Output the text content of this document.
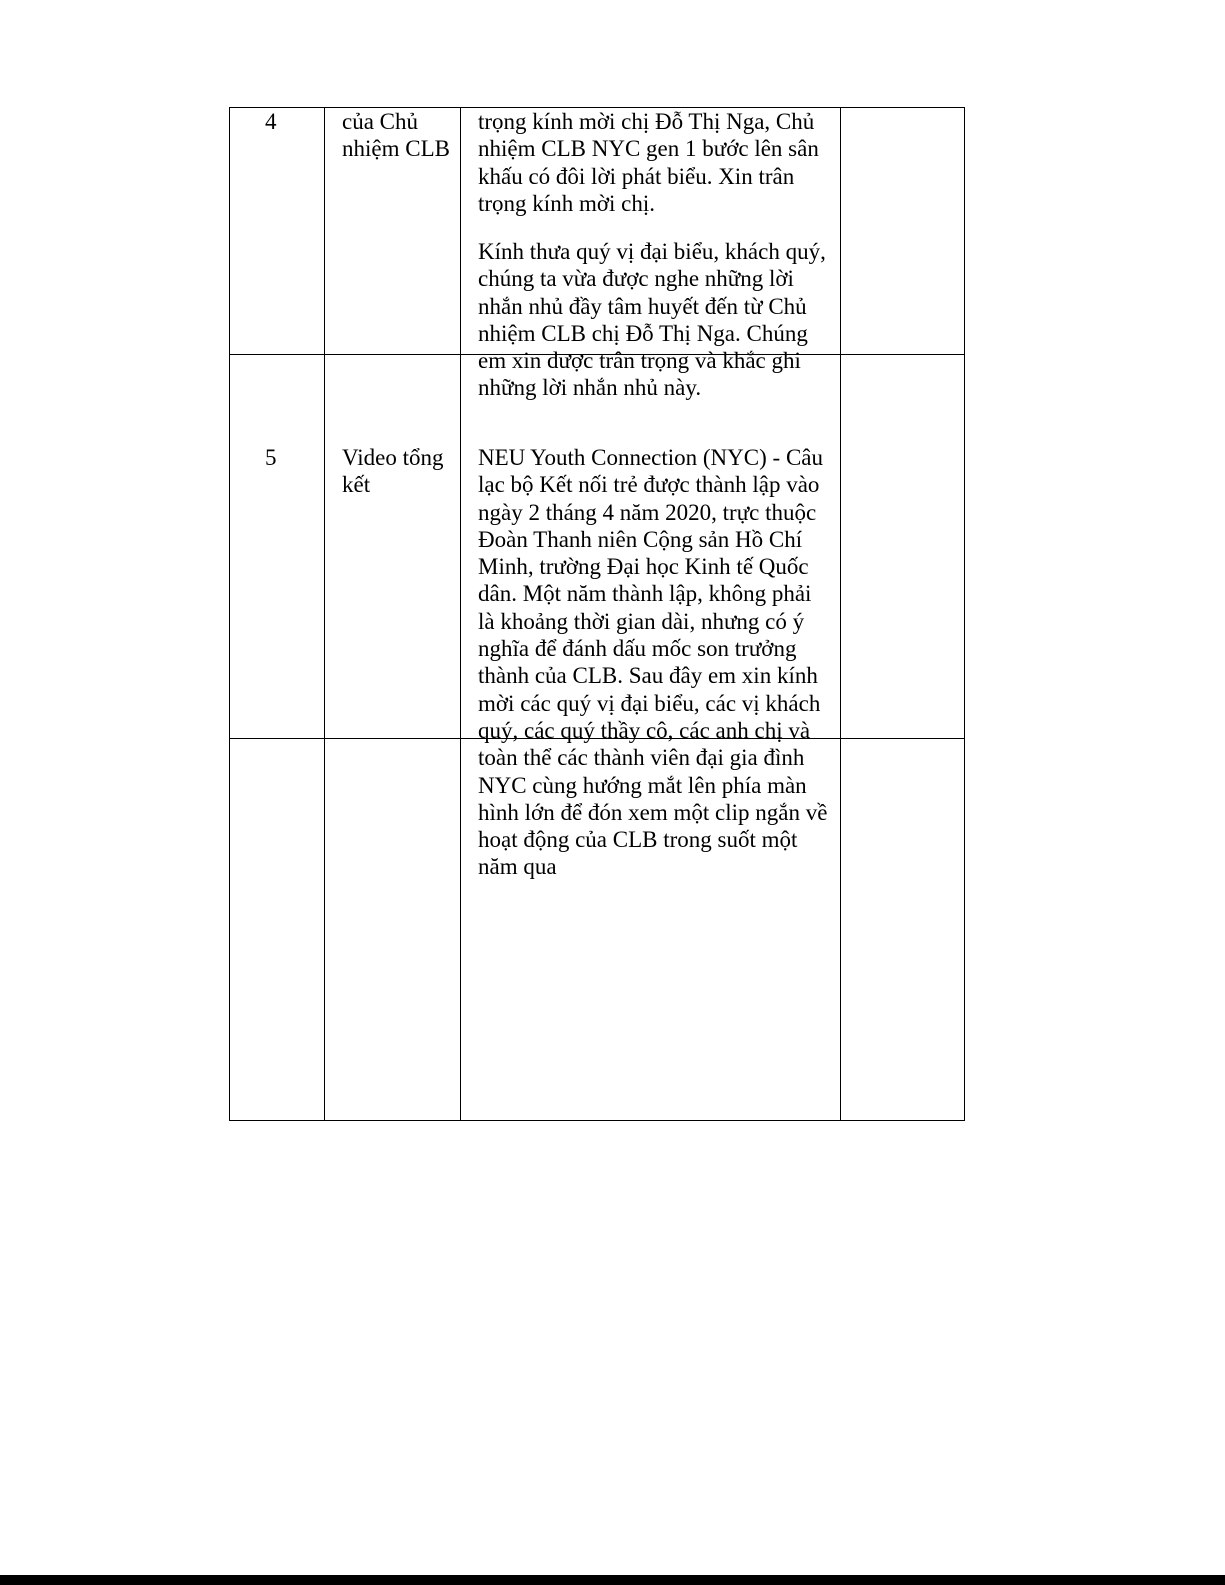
4	của Chủ
nhiệm CLB
5	Video tổng
kết
trọng kính mời chị Đỗ Thị Nga, Chủ
nhiệm CLB NYC gen 1 bước lên sân
khấu có đôi lời phát biểu. Xin trân
trọng kính mời chị.
Kính thưa quý vị đại biểu, khách quý,
chúng ta vừa được nghe những lời
nhắn nhủ đầy tâm huyết đến từ Chủ
nhiệm CLB chị Đỗ Thị Nga. Chúng
em xin được trân trọng và khắc ghi
những lời nhắn nhủ này.
NEU Youth Connection (NYC) - Câu
lạc bộ Kết nối trẻ được thành lập vào
ngày 2 tháng 4 năm 2020, trực thuộc
Đoàn Thanh niên Cộng sản Hồ Chí
Minh, trường Đại học Kinh tế Quốc
dân. Một năm thành lập, không phải
là khoảng thời gian dài, nhưng có ý
nghĩa để đánh dấu mốc son trưởng
thành của CLB. Sau đây em xin kính
mời các quý vị đại biểu, các vị khách
quý, các quý thầy cô, các anh chị và
toàn thể các thành viên đại gia đình
NYC cùng hướng mắt lên phía màn
hình lớn để đón xem một clip ngắn về
hoạt động của CLB trong suốt một
năm qua
